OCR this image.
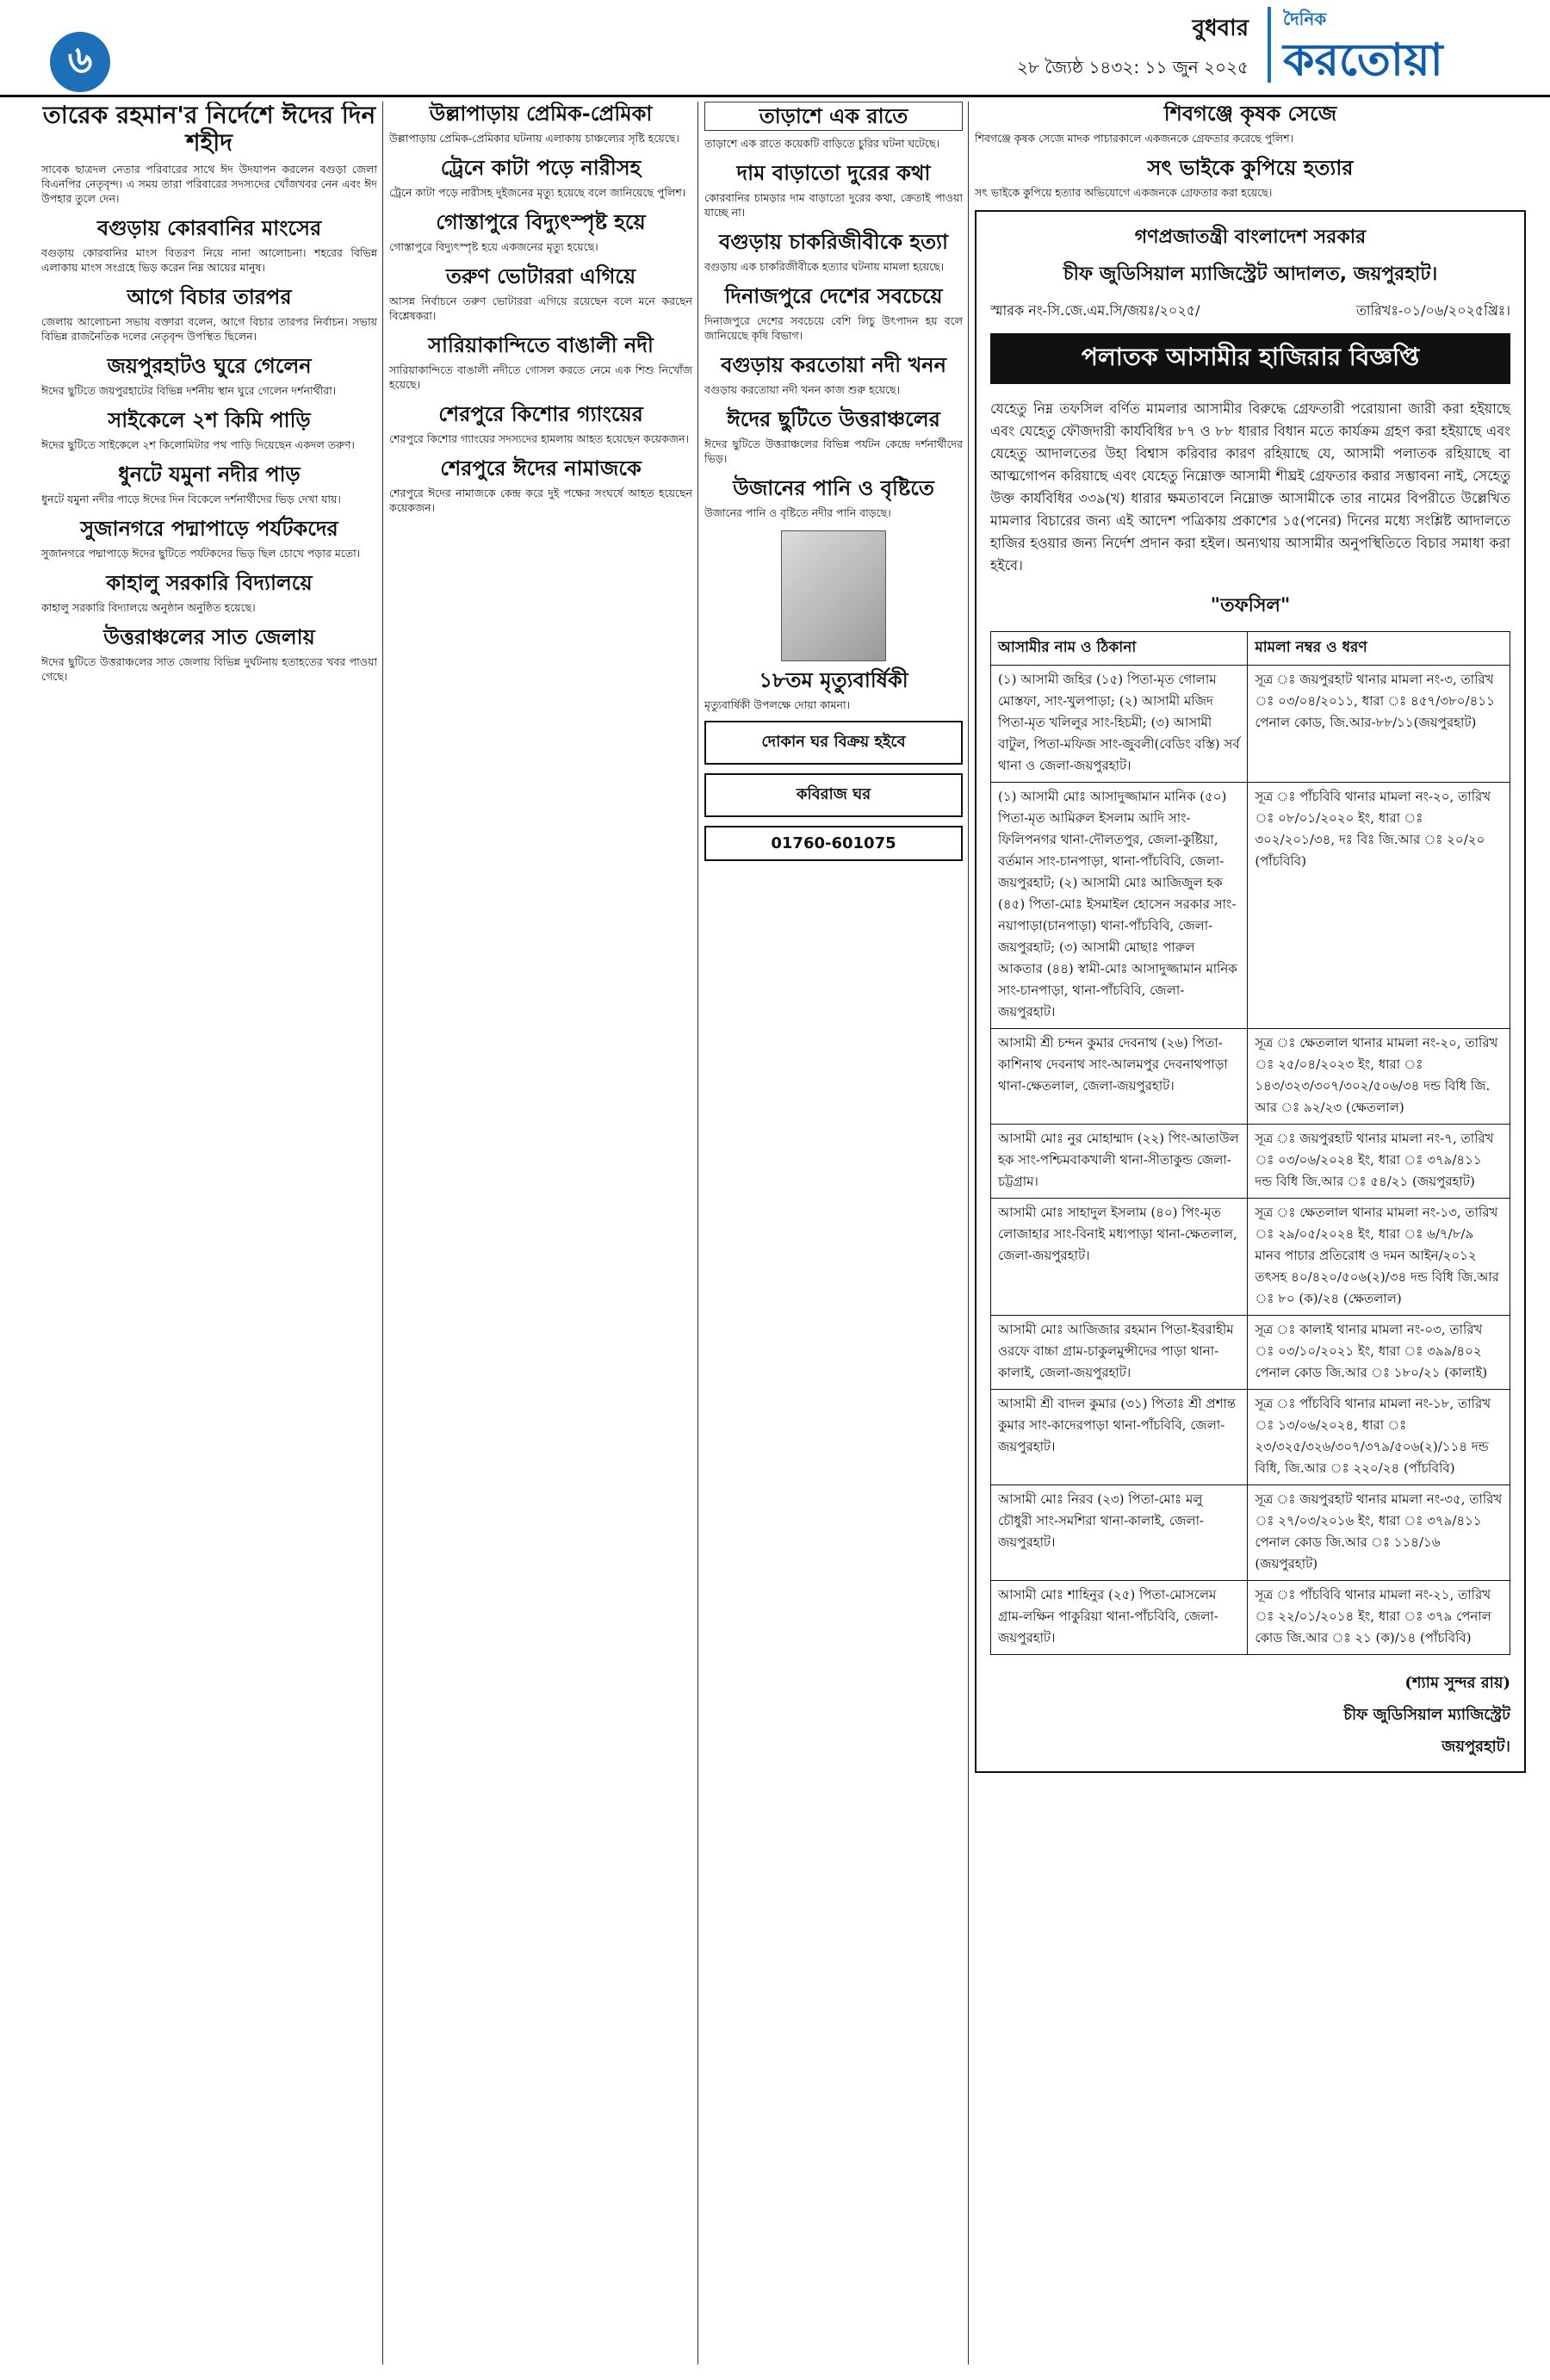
৬
বুধবার
২৮ জ্যৈষ্ঠ ১৪৩২: ১১ জুন ২০২৫
দৈনিক
করতোয়া
তারেক রহমান'র নির্দেশে ঈদের দিন শহীদ

সাবেক ছাত্রদল নেতার পরিবারের সাথে ঈদ উদযাপন করলেন বগুড়া জেলা বিএনপির নেতৃবৃন্দ। এ সময় তারা পরিবারের সদস্যদের খোঁজখবর নেন এবং ঈদ উপহার তুলে দেন।

বগুড়ায় কোরবানির মাংসের

বগুড়ায় কোরবানির মাংস বিতরণ নিয়ে নানা আলোচনা। শহরের বিভিন্ন এলাকায় মাংস সংগ্রহে ভিড় করেন নিম্ন আয়ের মানুষ।

আগে বিচার তারপর

জেলায় আলোচনা সভায় বক্তারা বলেন, আগে বিচার তারপর নির্বাচন। সভায় বিভিন্ন রাজনৈতিক দলের নেতৃবৃন্দ উপস্থিত ছিলেন।

জয়পুরহাটও ঘুরে গেলেন

ঈদের ছুটিতে জয়পুরহাটের বিভিন্ন দর্শনীয় স্থান ঘুরে গেলেন দর্শনার্থীরা।

সাইকেলে ২শ কিমি পাড়ি

ঈদের ছুটিতে সাইকেলে ২শ কিলোমিটার পথ পাড়ি দিয়েছেন একদল তরুণ।

ধুনটে যমুনা নদীর পাড়

ধুনটে যমুনা নদীর পাড়ে ঈদের দিন বিকেলে দর্শনার্থীদের ভিড় দেখা যায়।

সুজানগরে পদ্মাপাড়ে পর্যটকদের

সুজানগরে পদ্মাপাড়ে ঈদের ছুটিতে পর্যটকদের ভিড় ছিল চোখে পড়ার মতো।

কাহালু সরকারি বিদ্যালয়ে

কাহালু সরকারি বিদ্যালয়ে অনুষ্ঠান অনুষ্ঠিত হয়েছে।

উত্তরাঞ্চলের সাত জেলায়

ঈদের ছুটিতে উত্তরাঞ্চলের সাত জেলায় বিভিন্ন দুর্ঘটনায় হতাহতের খবর পাওয়া গেছে।

উল্লাপাড়ায় প্রেমিক-প্রেমিকা

উল্লাপাড়ায় প্রেমিক-প্রেমিকার ঘটনায় এলাকায় চাঞ্চল্যের সৃষ্টি হয়েছে।

ট্রেনে কাটা পড়ে নারীসহ

ট্রেনে কাটা পড়ে নারীসহ দুইজনের মৃত্যু হয়েছে বলে জানিয়েছে পুলিশ।

গোস্তাপুরে বিদ্যুৎস্পৃষ্ট হয়ে

গোস্তাপুরে বিদ্যুৎস্পৃষ্ট হয়ে একজনের মৃত্যু হয়েছে।

তরুণ ভোটাররা এগিয়ে

আসন্ন নির্বাচনে তরুণ ভোটাররা এগিয়ে রয়েছেন বলে মনে করছেন বিশ্লেষকরা।

সারিয়াকান্দিতে বাঙালী নদী

সারিয়াকান্দিতে বাঙালী নদীতে গোসল করতে নেমে এক শিশু নিখোঁজ হয়েছে।

শেরপুরে কিশোর গ্যাংয়ের

শেরপুরে কিশোর গ্যাংয়ের সদস্যদের হামলায় আহত হয়েছেন কয়েকজন।

শেরপুরে ঈদের নামাজকে

শেরপুরে ঈদের নামাজকে কেন্দ্র করে দুই পক্ষের সংঘর্ষে আহত হয়েছেন কয়েকজন।

তাড়াশে এক রাতে

তাড়াশে এক রাতে কয়েকটি বাড়িতে চুরির ঘটনা ঘটেছে।

দাম বাড়াতো দুরের কথা

কোরবানির চামড়ার দাম বাড়াতো দুরের কথা, ক্রেতাই পাওয়া যাচ্ছে না।

বগুড়ায় চাকরিজীবীকে হত্যা

বগুড়ায় এক চাকরিজীবীকে হত্যার ঘটনায় মামলা হয়েছে।

দিনাজপুরে দেশের সবচেয়ে

দিনাজপুরে দেশের সবচেয়ে বেশি লিচু উৎপাদন হয় বলে জানিয়েছে কৃষি বিভাগ।

বগুড়ায় করতোয়া নদী খনন

বগুড়ায় করতোয়া নদী খনন কাজ শুরু হয়েছে।

ঈদের ছুটিতে উত্তরাঞ্চলের

ঈদের ছুটিতে উত্তরাঞ্চলের বিভিন্ন পর্যটন কেন্দ্রে দর্শনার্থীদের ভিড়।

উজানের পানি ও বৃষ্টিতে

উজানের পানি ও বৃষ্টিতে নদীর পানি বাড়ছে।

১৮তম মৃত্যুবার্ষিকী

মৃত্যুবার্ষিকী উপলক্ষে দোয়া কামনা।

দোকান ঘর বিক্রয় হইবে
কবিরাজ ঘর
01760-601075
শিবগঞ্জে কৃষক সেজে

শিবগঞ্জে কৃষক সেজে মাদক পাচারকালে একজনকে গ্রেফতার করেছে পুলিশ।

সৎ ভাইকে কুপিয়ে হত্যার

সৎ ভাইকে কুপিয়ে হত্যার অভিযোগে একজনকে গ্রেফতার করা হয়েছে।

গণপ্রজাতন্ত্রী বাংলাদেশ সরকার
চীফ জুডিসিয়াল ম্যাজিস্ট্রেট আদালত, জয়পুরহাট।
স্মারক নং-সি.জে.এম.সি/জয়ঃ/২০২৫/	তারিখঃ-০১/০৬/২০২৫খ্রিঃ।
পলাতক আসামীর হাজিরার বিজ্ঞপ্তি

যেহেতু নিম্ন তফসিল বর্ণিত মামলার আসামীর বিরুদ্ধে গ্রেফতারী পরোয়ানা জারী করা হইয়াছে এবং যেহেতু ফৌজদারী কার্যবিধির ৮৭ ও ৮৮ ধারার বিধান মতে কার্যক্রম গ্রহণ করা হইয়াছে এবং যেহেতু আদালতের উহা বিশ্বাস করিবার কারণ রহিয়াছে যে, আসামী পলাতক রহিয়াছে বা আত্মগোপন করিয়াছে এবং যেহেতু নিম্নোক্ত আসামী শীঘ্রই গ্রেফতার করার সম্ভাবনা নাই, সেহেতু উক্ত কার্যবিধির ৩৩৯(খ) ধারার ক্ষমতাবলে নিম্নোক্ত আসামীকে তার নামের বিপরীতে উল্লেখিত মামলার বিচারের জন্য এই আদেশ পত্রিকায় প্রকাশের ১৫(পনের) দিনের মধ্যে সংশ্লিষ্ট আদালতে হাজির হওয়ার জন্য নির্দেশ প্রদান করা হইল। অন্যথায় আসামীর অনুপস্থিতিতে বিচার সমাধা করা হইবে।

"তফসিল"
আসামীর নাম ও ঠিকানা	মামলা নম্বর ও ধরণ
(১) আসামী জহির (১৫) পিতা-মৃত গোলাম মোস্তফা, সাং-খুলপাড়া; (২) আসামী মজিদ পিতা-মৃত খলিলুর সাং-হিচমী; (৩) আসামী বাটুল, পিতা-মফিজ সাং-জুবলী(বেডিং বস্তি) সর্ব থানা ও জেলা-জয়পুরহাট।	সূত্র ঃ জয়পুরহাট থানার মামলা নং-৩, তারিখ ঃ ০৩/০৪/২০১১, ধারা ঃ ৪৫৭/৩৮০/৪১১ পেনাল কোড, জি.আর-৮৮/১১(জয়পুরহাট)
(১) আসামী মোঃ আসাদুজ্জামান মানিক (৫০) পিতা-মৃত আমিরুল ইসলাম আদি সাং-ফিলিপনগর থানা-দৌলতপুর, জেলা-কুষ্টিয়া, বর্তমান সাং-চানপাড়া, থানা-পাঁচবিবি, জেলা-জয়পুরহাট; (২) আসামী মোঃ আজিজুল হক (৪৫) পিতা-মোঃ ইসমাইল হোসেন সরকার সাং-নয়াপাড়া(চানপাড়া) থানা-পাঁচবিবি, জেলা-জয়পুরহাট; (৩) আসামী মোছাঃ পারুল আকতার (৪৪) স্বামী-মোঃ আসাদুজ্জামান মানিক সাং-চানপাড়া, থানা-পাঁচবিবি, জেলা-জয়পুরহাট।	সূত্র ঃ পাঁচবিবি থানার মামলা নং-২০, তারিখ ঃ ০৮/০১/২০২০ ইং, ধারা ঃ ৩০২/২০১/৩৪, দঃ বিঃ জি.আর ঃ ২০/২০ (পাঁচবিবি)
আসামী শ্রী চন্দন কুমার দেবনাথ (২৬) পিতা-কাশিনাথ দেবনাথ সাং-আলমপুর দেবনাথপাড়া থানা-ক্ষেতলাল, জেলা-জয়পুরহাট।	সূত্র ঃ ক্ষেতলাল থানার মামলা নং-২০, তারিখ ঃ ২৫/০৪/২০২৩ ইং, ধারা ঃ ১৪৩/৩২৩/৩০৭/৩০২/৫০৬/৩৪ দন্ড বিধি জি. আর ঃ ৯২/২৩ (ক্ষেতলাল)
আসামী মোঃ নুর মোহাম্মাদ (২২) পিং-আতাউল হক সাং-পশ্চিমবাকখালী থানা-সীতাকুন্ড জেলা-চট্টগ্রাম।	সূত্র ঃ জয়পুরহাট থানার মামলা নং-৭, তারিখ ঃ ০৩/০৬/২০২৪ ইং, ধারা ঃ ৩৭৯/৪১১ দন্ড বিধি জি.আর ঃ ৫৪/২১ (জয়পুরহাট)
আসামী মোঃ সাহাদুল ইসলাম (৪০) পিং-মৃত লোজাহার সাং-বিনাই মধ্যপাড়া থানা-ক্ষেতলাল, জেলা-জয়পুরহাট।	সূত্র ঃ ক্ষেতলাল থানার মামলা নং-১৩, তারিখ ঃ ২৯/০৫/২০২৪ ইং, ধারা ঃ ৬/৭/৮/৯ মানব পাচার প্রতিরোধ ও দমন আইন/২০১২ তৎসহ ৪০/৪২০/৫০৬(২)/৩৪ দন্ড বিধি জি.আর ঃ ৮০ (ক)/২৪ (ক্ষেতলাল)
আসামী মোঃ আজিজার রহমান পিতা-ইবরাহীম ওরফে বাচ্চা গ্রাম-চাকুলমুন্সীদের পাড়া থানা-কালাই, জেলা-জয়পুরহাট।	সূত্র ঃ কালাই থানার মামলা নং-০৩, তারিখ ঃ ০৩/১০/২০২১ ইং, ধারা ঃ ৩৯৯/৪০২ পেনাল কোড জি.আর ঃ ১৮০/২১ (কালাই)
আসামী শ্রী বাদল কুমার (৩১) পিতাঃ শ্রী প্রশান্ত কুমার সাং-কাদেরপাড়া থানা-পাঁচবিবি, জেলা-জয়পুরহাট।	সূত্র ঃ পাঁচবিবি থানার মামলা নং-১৮, তারিখ ঃ ১৩/০৬/২০২৪, ধারা ঃ ২৩/৩২৫/৩২৬/৩০৭/৩৭৯/৫০৬(২)/১১৪ দন্ড বিধি, জি.আর ঃ ২২০/২৪ (পাঁচবিবি)
আসামী মোঃ নিরব (২৩) পিতা-মোঃ মলু চৌধুরী সাং-সমশিরা থানা-কালাই, জেলা-জয়পুরহাট।	সূত্র ঃ জয়পুরহাট থানার মামলা নং-৩৫, তারিখ ঃ ২৭/০৩/২০১৬ ইং, ধারা ঃ ৩৭৯/৪১১ পেনাল কোড জি.আর ঃ ১১৪/১৬ (জয়পুরহাট)
আসামী মোঃ শাহিনুর (২৫) পিতা-মোসলেম গ্রাম-লক্ষিন পাকুরিয়া থানা-পাঁচবিবি, জেলা-জয়পুরহাট।	সূত্র ঃ পাঁচবিবি থানার মামলা নং-২১, তারিখ ঃ ২২/০১/২০১৪ ইং, ধারা ঃ ৩৭৯ পেনাল কোড জি.আর ঃ ২১ (ক)/১৪ (পাঁচবিবি)
(শ্যাম সুন্দর রায়)
চীফ জুডিসিয়াল ম্যাজিস্ট্রেট
জয়পুরহাট।
